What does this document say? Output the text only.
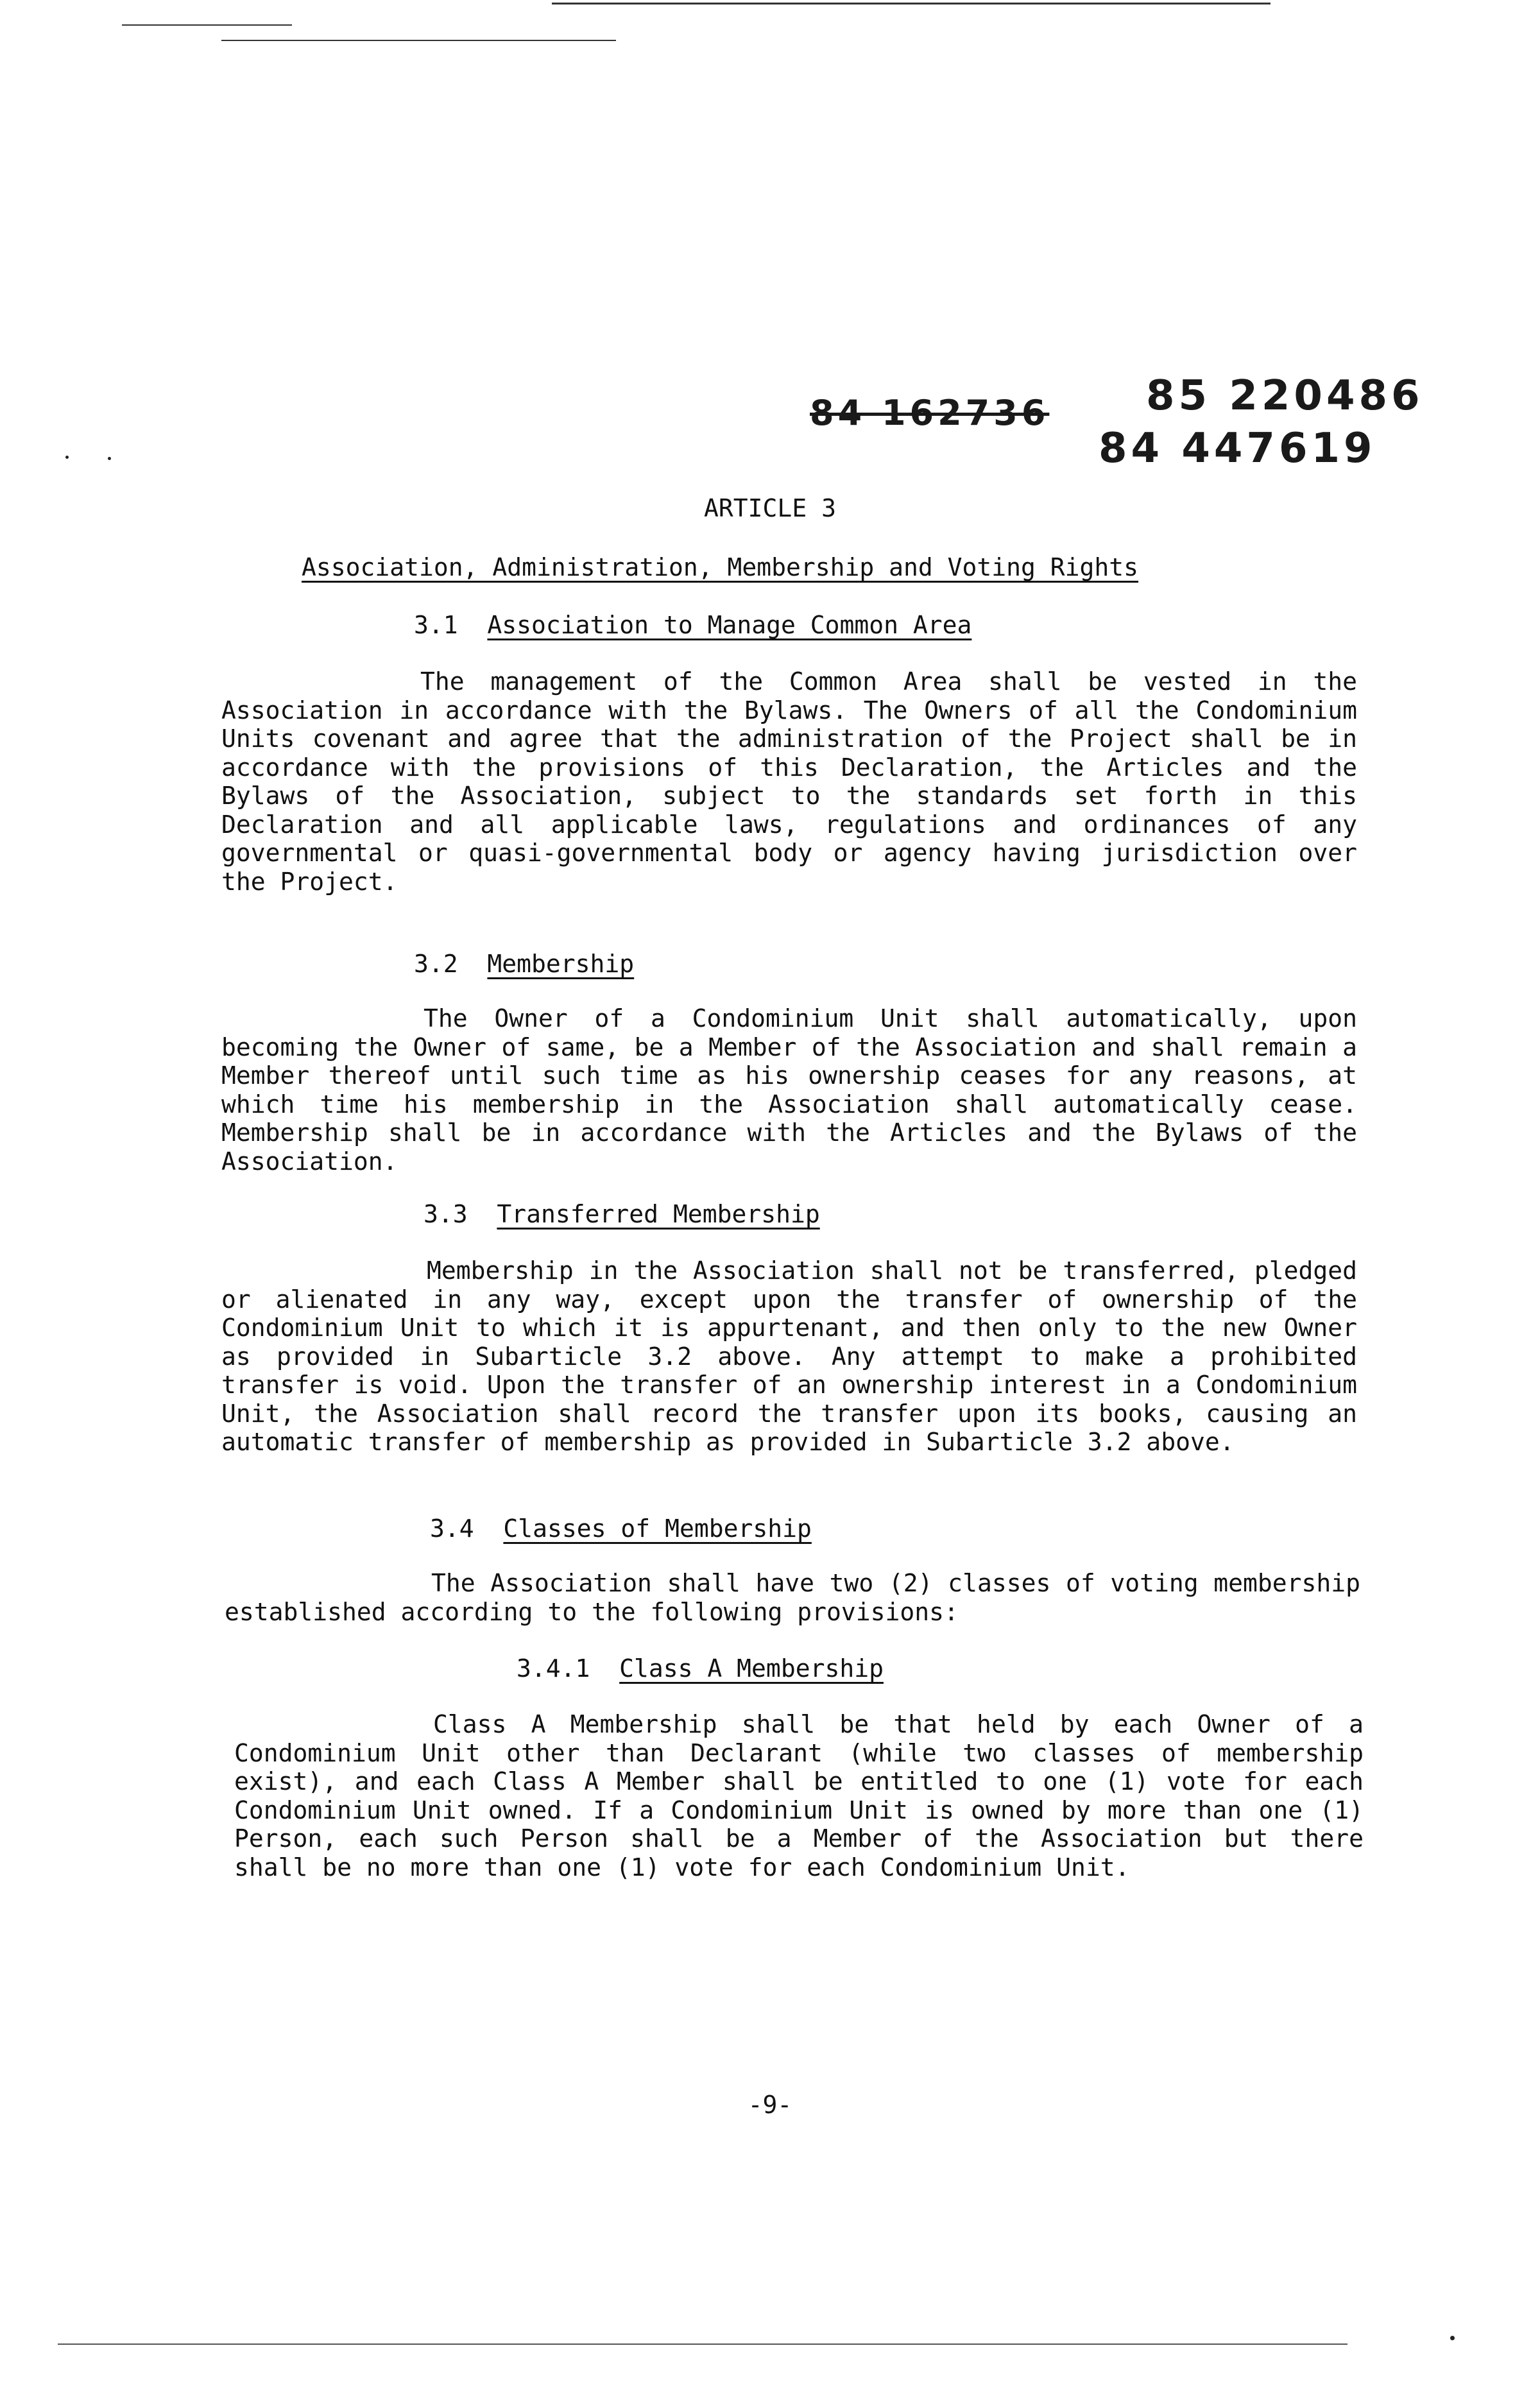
84 162736 85 220486
84 447619
ARTICLE 3
Association, Administration, Membership and Voting Rights
3.1 Association to Manage Common Area
The management of the Common Area shall be vested in the Association in accordance with the Bylaws. The Owners of all the Condominium Units covenant and agree that the administration of the Project shall be in accordance with the provisions of this Declaration, the Articles and the Bylaws of the Association, subject to the standards set forth in this Declaration and all applicable laws, regulations and ordinances of any governmental or quasi-governmental body or agency having jurisdiction over the Project.
3.2 Membership
The Owner of a Condominium Unit shall automatically, upon becoming the Owner of same, be a Member of the Association and shall remain a Member thereof until such time as his ownership ceases for any reasons, at which time his membership in the Association shall automatically cease. Membership shall be in accordance with the Articles and the Bylaws of the Association.
3.3 Transferred Membership
Membership in the Association shall not be transferred, pledged or alienated in any way, except upon the transfer of ownership of the Condominium Unit to which it is appurtenant, and then only to the new Owner as provided in Subarticle 3.2 above. Any attempt to make a prohibited transfer is void. Upon the transfer of an ownership interest in a Condominium Unit, the Association shall record the transfer upon its books, causing an automatic transfer of membership as provided in Subarticle 3.2 above.
3.4 Classes of Membership
The Association shall have two (2) classes of voting membership established according to the following provisions:
3.4.1 Class A Membership
Class A Membership shall be that held by each Owner of a Condominium Unit other than Declarant (while two classes of membership exist), and each Class A Member shall be entitled to one (1) vote for each Condominium Unit owned. If a Condominium Unit is owned by more than one (1) Person, each such Person shall be a Member of the Association but there shall be no more than one (1) vote for each Condominium Unit.
-9-
